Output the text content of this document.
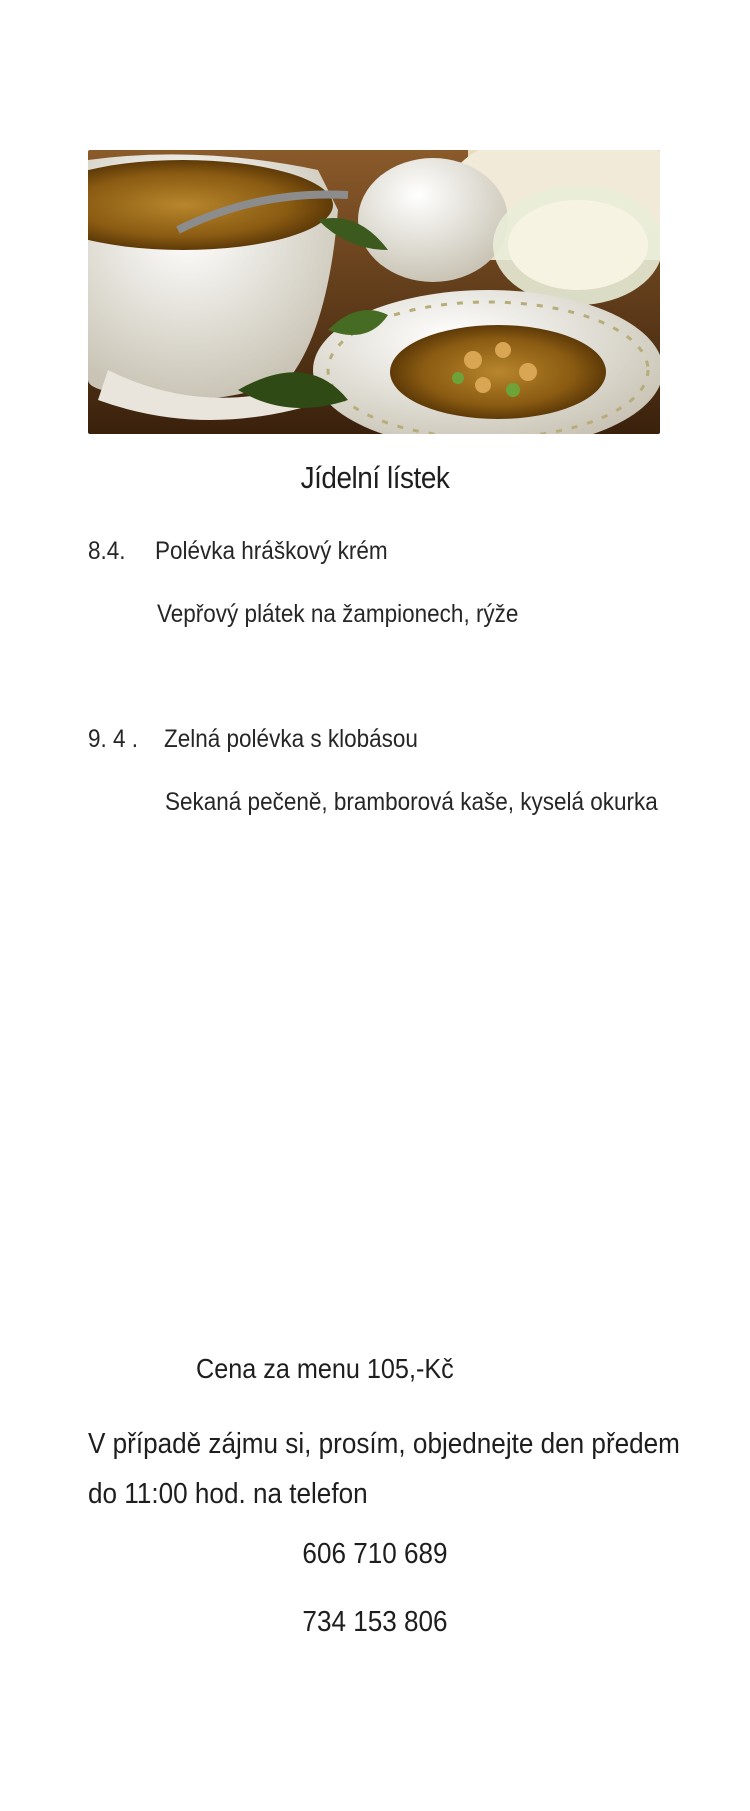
Jídelní lístek
8.4. Polévka hráškový krém
Vepřový plátek na žampionech, rýže
9. 4 . Zelná polévka s klobásou
Sekaná pečeně, bramborová kaše, kyselá okurka
Cena za menu 105,-Kč
V případě zájmu si, prosím, objednejte den předem do 11:00 hod. na telefon
606 710 689
734 153 806
